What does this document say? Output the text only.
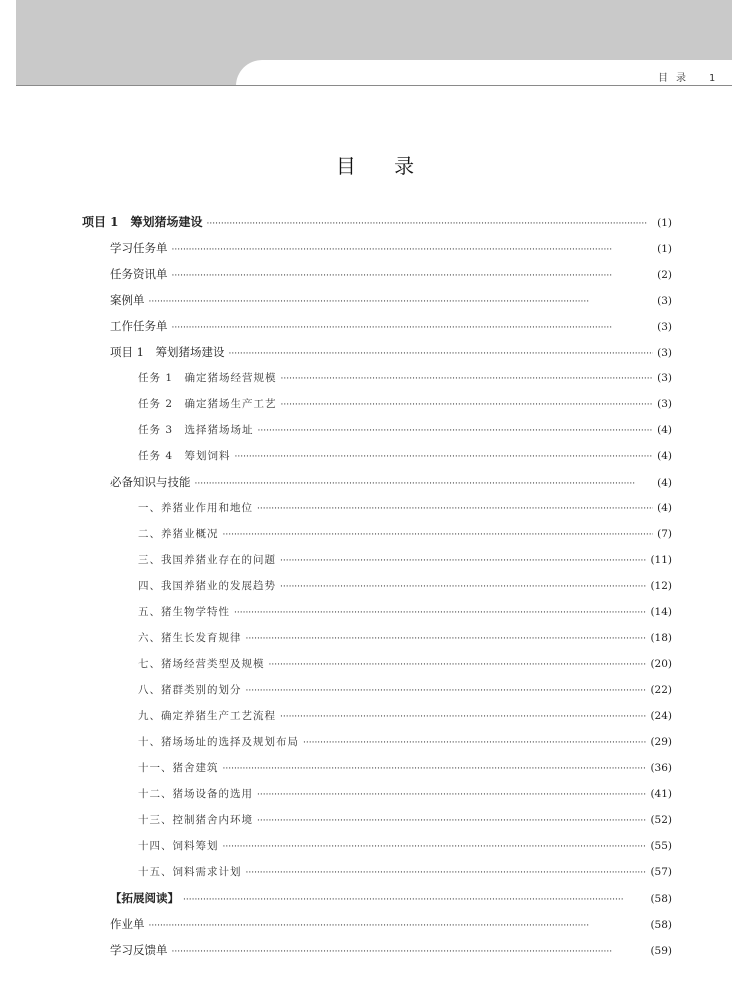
目 录 1
目 录
项目 1　筹划猪场建设 ·····	(1)
学习任务单 ·····	(1)
任务资讯单 ·····	(2)
案例单 ·····	(3)
工作任务单 ·····	(3)
项目 1　筹划猪场建设 ·····	(3)
任务 1　确定猪场经营规模 ·····	(3)
任务 2　确定猪场生产工艺 ·····	(3)
任务 3　选择猪场场址 ·····	(4)
任务 4　筹划饲料 ·····	(4)
必备知识与技能 ·····	(4)
一、养猪业作用和地位 ·····	(4)
二、养猪业概况 ·····	(7)
三、我国养猪业存在的问题 ·····	(11)
四、我国养猪业的发展趋势 ·····	(12)
五、猪生物学特性 ·····	(14)
六、猪生长发育规律 ·····	(18)
七、猪场经营类型及规模 ·····	(20)
八、猪群类别的划分 ·····	(22)
九、确定养猪生产工艺流程 ·····	(24)
十、猪场场址的选择及规划布局 ·····	(29)
十一、猪舍建筑 ·····	(36)
十二、猪场设备的选用 ·····	(41)
十三、控制猪舍内环境 ·····	(52)
十四、饲料筹划 ·····	(55)
十五、饲料需求计划 ·····	(57)
【拓展阅读】 ·····	(58)
作业单 ·····	(58)
学习反馈单 ·····	(59)
